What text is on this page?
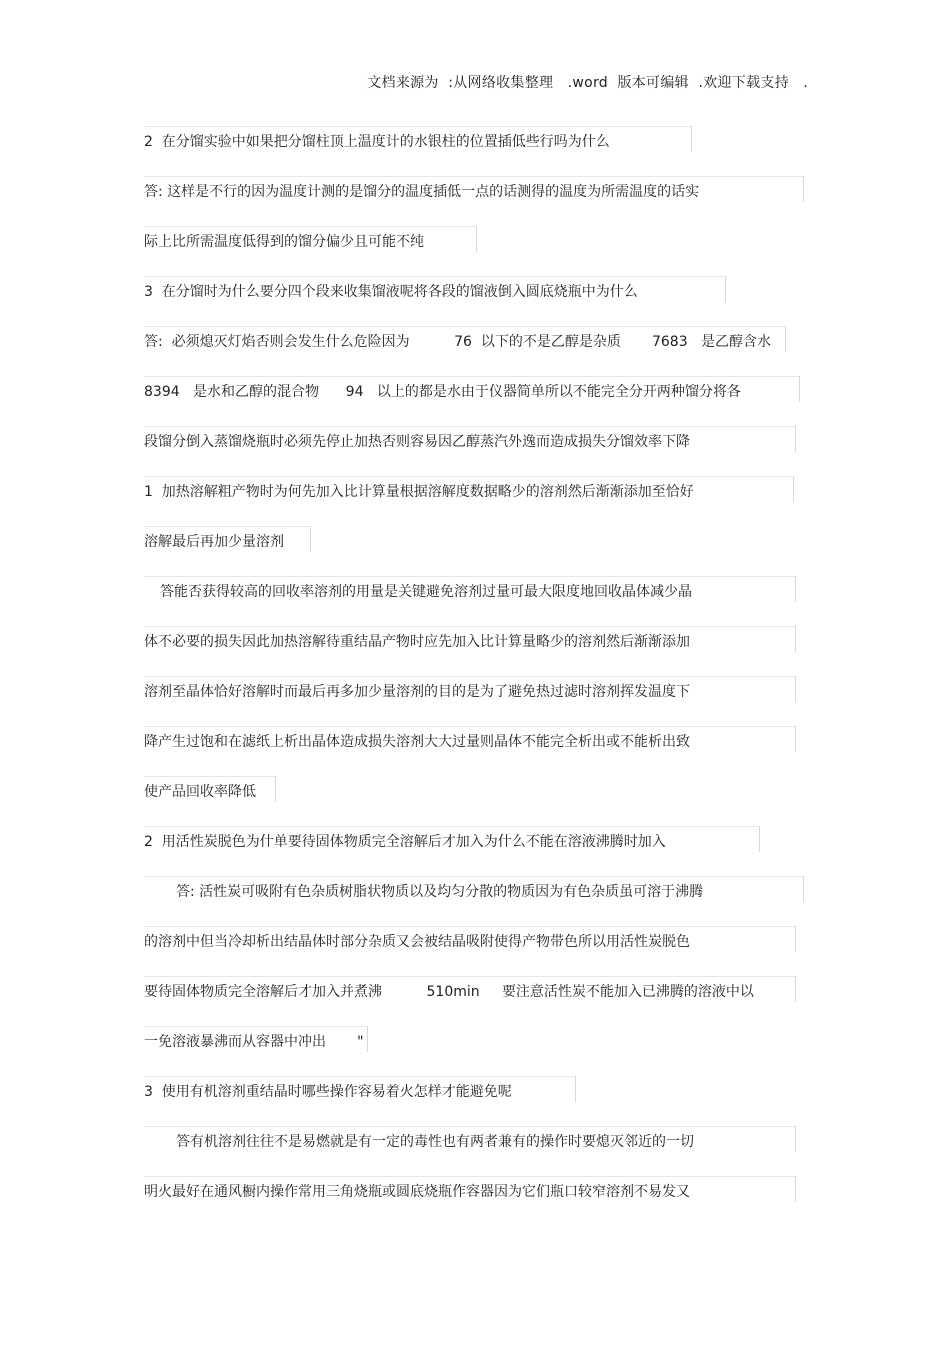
文档来源为  :从网络收集整理   .word  版本可编辑  .欢迎下载支持   .
2  在分馏实验中如果把分馏柱顶上温度计的水银柱的位置插低些行吗为什么
答: 这样是不行的因为温度计测的是馏分的温度插低一点的话测得的温度为所需温度的话实
际上比所需温度低得到的馏分偏少且可能不纯
3  在分馏时为什么要分四个段来收集馏液呢将各段的馏液倒入圆底烧瓶中为什么
答:  必须熄灭灯焰否则会发生什么危险因为          76  以下的不是乙醇是杂质       7683   是乙醇含水
8394   是水和乙醇的混合物      94   以上的都是水由于仪器简单所以不能完全分开两种馏分将各
段馏分倒入蒸馏烧瓶时必须先停止加热否则容易因乙醇蒸汽外逸而造成损失分馏效率下降
1  加热溶解粗产物时为何先加入比计算量根据溶解度数据略少的溶剂然后渐渐添加至恰好
溶解最后再加少量溶剂
答能否获得较高的回收率溶剂的用量是关键避免溶剂过量可最大限度地回收晶体减少晶
体不必要的损失因此加热溶解待重结晶产物时应先加入比计算量略少的溶剂然后渐渐添加
溶剂至晶体恰好溶解时而最后再多加少量溶剂的目的是为了避免热过滤时溶剂挥发温度下
降产生过饱和在滤纸上析出晶体造成损失溶剂大大过量则晶体不能完全析出或不能析出致
使产品回收率降低
2  用活性炭脱色为什单要待固体物质完全溶解后才加入为什么不能在溶液沸腾时加入
答: 活性炭可吸附有色杂质树脂状物质以及均匀分散的物质因为有色杂质虽可溶于沸腾
的溶剂中但当冷却析出结晶体时部分杂质又会被结晶吸附使得产物带色所以用活性炭脱色
要待固体物质完全溶解后才加入并煮沸          510min     要注意活性炭不能加入已沸腾的溶液中以
一免溶液暴沸而从容器中冲出       "
3  使用有机溶剂重结晶时哪些操作容易着火怎样才能避免呢
答有机溶剂往往不是易燃就是有一定的毒性也有两者兼有的操作时要熄灭邻近的一切
明火最好在通风橱内操作常用三角烧瓶或圆底烧瓶作容器因为它们瓶口较窄溶剂不易发又
